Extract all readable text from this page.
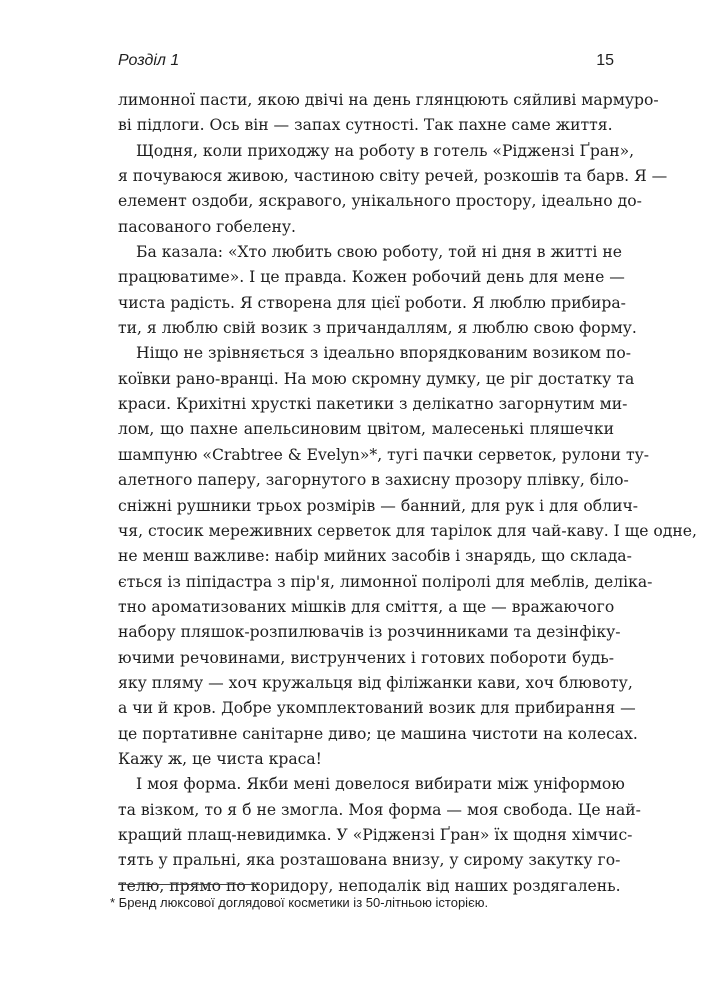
Розділ 1	15
лимонної пасти, якою двічі на день глянцюють сяйливі мармуро-
ві підлоги. Ось він — запах сутності. Так пахне саме життя.
Щодня, коли приходжу на роботу в готель «Ріджензі Ґран»,
я почуваюся живою, частиною світу речей, розкошів та барв. Я —
елемент оздоби, яскравого, унікального простору, ідеально до-
пасованого гобелену.
Ба казала: «Хто любить свою роботу, той ні дня в житті не
працюватиме». І це правда. Кожен робочий день для мене —
чиста радість. Я створена для цієї роботи. Я люблю прибира-
ти, я люблю свій возик з причандаллям, я люблю свою форму.
Ніщо не зрівняється з ідеально впорядкованим возиком по-
коївки рано-вранці. На мою скромну думку, це ріг достатку та
краси. Крихітні хрусткі пакетики з делікатно загорнутим ми-
лом, що пахне апельсиновим цвітом, малесенькі пляшечки
шампуню «Crabtree & Evelyn»*, тугі пачки серветок, рулони ту-
алетного паперу, загорнутого в захисну прозору плівку, біло-
сніжні рушники трьох розмірів — банний, для рук і для облич-
чя, стосик мереживних серветок для тарілок для чай-каву. І ще одне,
не менш важливе: набір мийних засобів і знарядь, що склада-
ється із піпідастра з пір'я, лимонної поліролі для меблів, деліка-
тно ароматизованих мішків для сміття, а ще — вражаючого
набору пляшок-розпилювачів із розчинниками та дезінфіку-
ючими речовинами, виструнчених і готових побороти будь-
яку пляму — хоч кружальця від філіжанки кави, хоч блювоту,
а чи й кров. Добре укомплектований возик для прибирання —
це портативне санітарне диво; це машина чистоти на колесах.
Кажу ж, це чиста краса!
І моя форма. Якби мені довелося вибирати між уніформою
та візком, то я б не змогла. Моя форма — моя свобода. Це най-
кращий плащ-невидимка. У «Ріджензі Ґран» їх щодня хімчис-
тять у пральні, яка розташована внизу, у сирому закутку го-
телю, прямо по коридору, неподалік від наших роздягалень.
* Бренд люксової доглядової косметики із 50-літньою історією.
